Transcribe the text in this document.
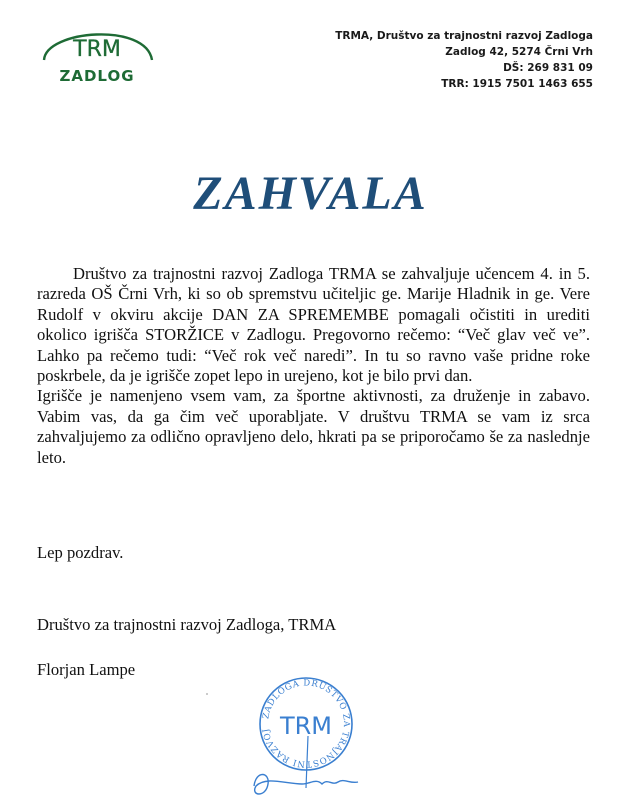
TRM
ZADLOG
TRMA, Društvo za trajnostni razvoj Zadloga
Zadlog 42, 5274 Črni Vrh
DŠ: 269 831 09
TRR: 1915 7501 1463 655
ZAHVALA

Društvo za trajnostni razvoj Zadloga TRMA se zahvaljuje učencem 4. in 5. razreda OŠ Črni Vrh, ki so ob spremstvu učiteljic ge. Marije Hladnik in ge. Vere Rudolf v okviru akcije DAN ZA SPREMEMBE pomagali očistiti in urediti okolico igrišča STORŽICE v Zadlogu. Pregovorno rečemo: “Več glav več ve”. Lahko pa rečemo tudi: “Več rok več naredi”. In tu so ravno vaše pridne roke poskrbele, da je igrišče zopet lepo in urejeno, kot je bilo prvi dan.

Igrišče je namenjeno vsem vam, za športne aktivnosti, za druženje in zabavo. Vabim vas, da ga čim več uporabljate. V društvu TRMA se vam iz srca zahvaljujemo za odlično opravljeno delo, hkrati pa se priporočamo še za naslednje leto.

Lep pozdrav.
Društvo za trajnostni razvoj Zadloga, TRMA
Florjan Lampe
ZADLOGA DRUŠTVO ZA TRAJNOSTNI RAZVOJ TRM
